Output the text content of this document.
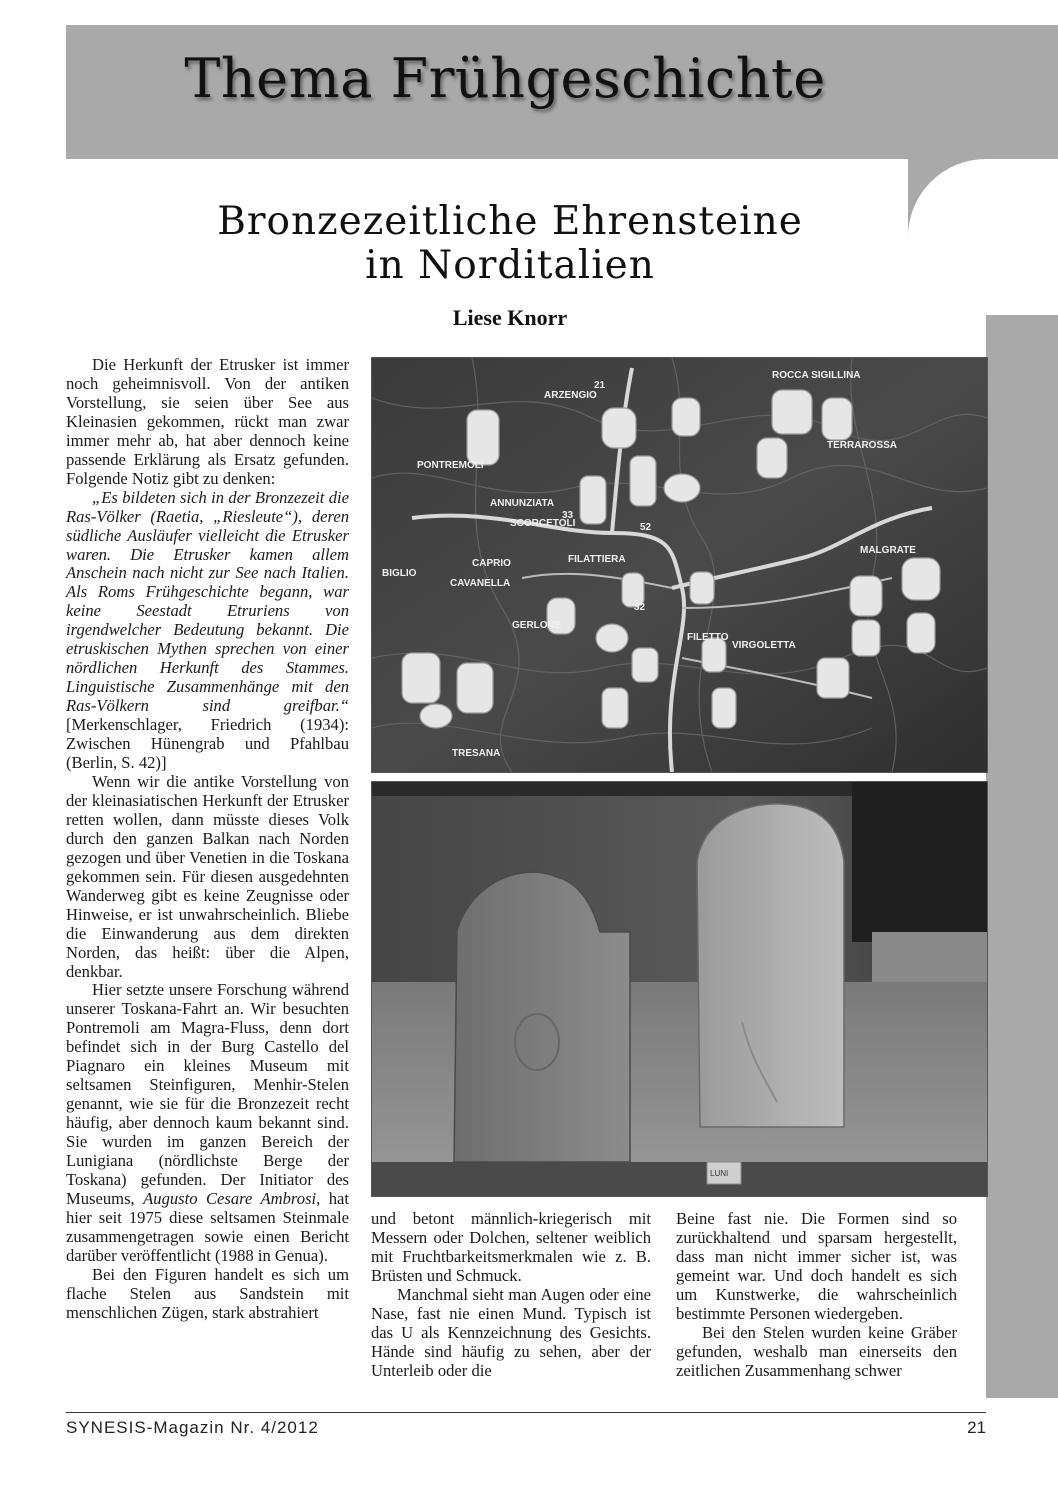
Thema Frühgeschichte
Bronzezeitliche Ehrensteine
in Norditalien
Liese Knorr

Die Herkunft der Etrusker ist immer noch geheimnisvoll. Von der antiken Vorstellung, sie seien über See aus Kleinasien gekommen, rückt man zwar immer mehr ab, hat aber dennoch keine passende Erklärung als Ersatz gefunden. Folgende Notiz gibt zu denken:

„Es bildeten sich in der Bronzezeit die Ras-Völker (Raetia, „Riesleute“), deren südliche Ausläufer vielleicht die Etrusker waren. Die Etrusker kamen allem Anschein nach nicht zur See nach Italien. Als Roms Frühgeschichte begann, war keine Seestadt Etruriens von irgendwelcher Bedeutung bekannt. Die etruskischen Mythen sprechen von einer nördlichen Herkunft des Stammes. Linguistische Zusammenhänge mit den Ras-Völkern sind greifbar.“ [Merkenschlager, Friedrich (1934): Zwischen Hünengrab und Pfahlbau (Berlin, S. 42)]

Wenn wir die antike Vorstellung von der kleinasiatischen Herkunft der Etrusker retten wollen, dann müsste dieses Volk durch den ganzen Balkan nach Norden gezogen und über Venetien in die Toskana gekommen sein. Für diesen ausgedehnten Wanderweg gibt es keine Zeugnisse oder Hinweise, er ist unwahrscheinlich. Bliebe die Einwanderung aus dem direkten Norden, das heißt: über die Alpen, denkbar.

Hier setzte unsere Forschung während unserer Toskana-Fahrt an. Wir besuchten Pontremoli am Magra-Fluss, denn dort befindet sich in der Burg Castello del Piagnaro ein kleines Museum mit seltsamen Steinfiguren, Menhir-Stelen genannt, wie sie für die Bronzezeit recht häufig, aber dennoch kaum bekannt sind. Sie wurden im ganzen Bereich der Lunigiana (nördlichste Berge der Toskana) gefunden. Der Initiator des Museums, Augusto Cesare Ambrosi, hat hier seit 1975 diese seltsamen Steinmale zusammengetragen sowie einen Bericht darüber veröffentlicht (1988 in Genua).

Bei den Figuren handelt es sich um flache Stelen aus Sandstein mit menschlichen Zügen, stark abstrahiert

ROCCA SIGILLINA
ARZENGIO
PONTREMOLI
ANNUNZIATA
SCORCETOLI
FILATTIERA
MALGRATE
CAPRIO
FILETTO
VIRGOLETTA
TERRAROSSA
BIGLIO
CAVANELLA
TRESANA
GERLONE
21
33
52
32
LUNI

und betont männlich-kriegerisch mit Messern oder Dolchen, seltener weiblich mit Fruchtbarkeitsmerkmalen wie z. B. Brüsten und Schmuck.

Manchmal sieht man Augen oder eine Nase, fast nie einen Mund. Typisch ist das U als Kennzeichnung des Gesichts. Hände sind häufig zu sehen, aber der Unterleib oder die

Beine fast nie. Die Formen sind so zurückhaltend und sparsam hergestellt, dass man nicht immer sicher ist, was gemeint war. Und doch handelt es sich um Kunstwerke, die wahrscheinlich bestimmte Personen wiedergeben.

Bei den Stelen wurden keine Gräber gefunden, weshalb man einerseits den zeitlichen Zusammenhang schwer

SYNESIS-Magazin Nr. 4/2012	21
